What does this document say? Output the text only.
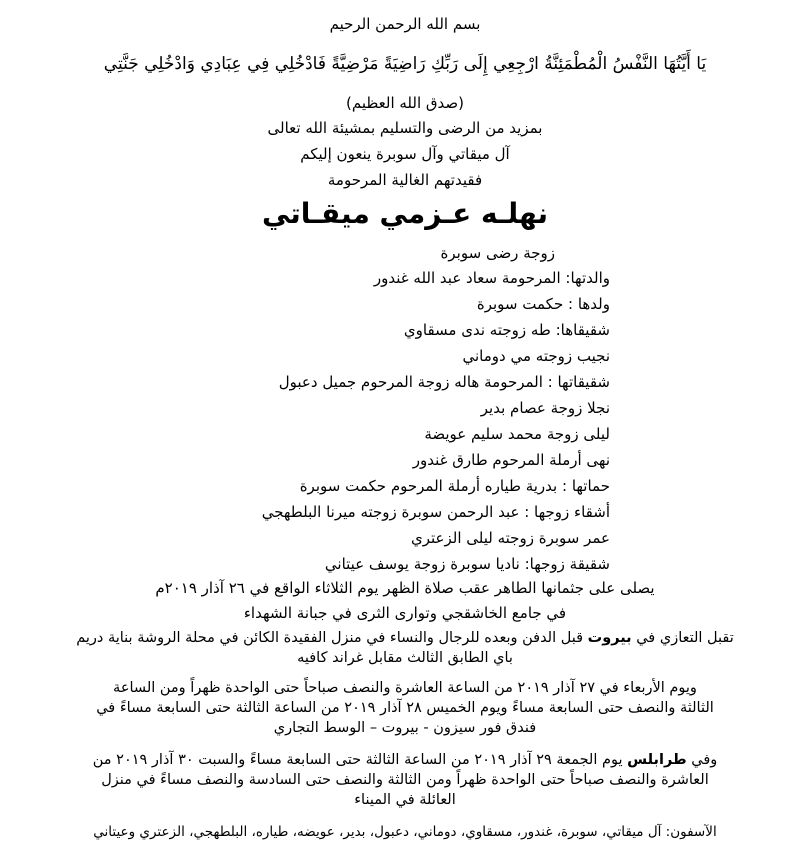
بسم الله الرحمن الرحيم
يَا أَيَّتُهَا النَّفْسُ الْمُطْمَئِنَّةُ ارْجِعِي إِلَى رَبِّكِ رَاضِيَةً مَرْضِيَّةً فَادْخُلِي فِي عِبَادِي وَادْخُلِي جَنَّتِي
(صدق الله العظيم)
بمزيد من الرضى والتسليم بمشيئة الله تعالى
آل ميقاتي وآل سوبرة ينعون إليكم
فقيدتهم الغالية المرحومة
نهلـه عـزمي ميقـاتي
زوجة رضى سوبرة
والدتها: المرحومة سعاد عبد الله غندور
ولدها : حكمت سوبرة
شقيقاها: طه زوجته ندى مسقاوي
نجيب زوجته مي دوماني
شقيقاتها : المرحومة هاله زوجة المرحوم جميل دعبول
نجلا زوجة عصام بدير
ليلى زوجة محمد سليم عويضة
نهى أرملة المرحوم طارق غندور
حماتها : بدرية طياره أرملة المرحوم حكمت سوبرة
أشقاء زوجها : عبد الرحمن سوبرة زوجته ميرنا البلطهجي
عمر سوبرة زوجته ليلى الزعتري
شقيقة زوجها: ناديا سوبرة زوجة يوسف عيتاني
يصلى على جثمانها الطاهر عقب صلاة الظهر يوم الثلاثاء الواقع في ٢٦ آذار ٢٠١٩م
في جامع الخاشقجي وتوارى الثرى في جبانة الشهداء
تقبل التعازي في بيروت قبل الدفن وبعده للرجال والنساء في منزل الفقيدة الكائن في محلة الروشة بناية دريم
باي الطابق الثالث مقابل غراند كافيه
ويوم الأربعاء في ٢٧ آذار ٢٠١٩ من الساعة العاشرة والنصف صباحاً حتى الواحدة ظهراً ومن الساعة
الثالثة والنصف حتى السابعة مساءً ويوم الخميس ٢٨ آذار ٢٠١٩ من الساعة الثالثة حتى السابعة مساءً في
فندق فور سيزون - بيروت – الوسط التجاري
وفي طرابلس يوم الجمعة ٢٩ آذار ٢٠١٩ من الساعة الثالثة حتى السابعة مساءً والسبت ٣٠ آذار ٢٠١٩ من
العاشرة والنصف صباحاً حتى الواحدة ظهراً ومن الثالثة والنصف حتى السادسة والنصف مساءً في منزل
العائلة في الميناء
الآسفون: آل ميقاتي، سوبرة، غندور، مسقاوي، دوماني، دعبول، بدير، عويضه، طياره، البلطهجي، الزعتري وعيتاني
